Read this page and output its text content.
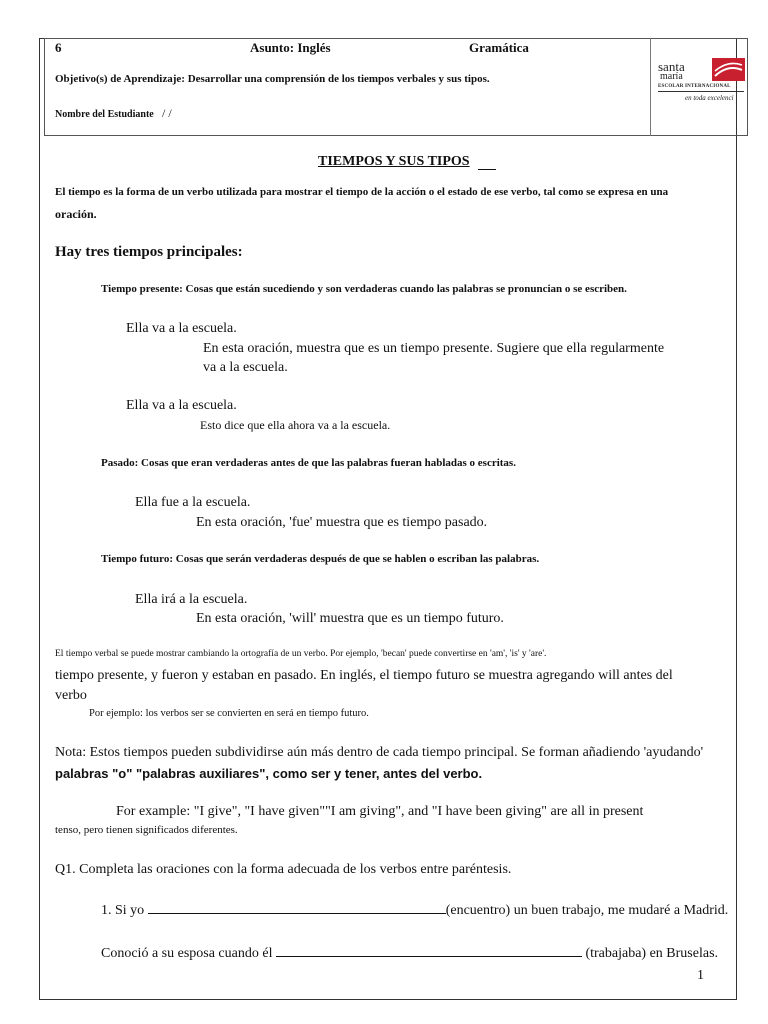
6	Asunto: Inglés	Gramática
Objetivo(s) de Aprendizaje: Desarrollar una comprensión de los tiempos verbales y sus tipos.
Nombre del Estudiante / /
santa
maría
ESCOLAR INTERNACIONAL
en toda excelenci
TIEMPOS Y SUS TIPOS
El tiempo es la forma de un verbo utilizada para mostrar el tiempo de la acción o el estado de ese verbo, tal como se expresa en una
oración.
Hay tres tiempos principales:
Tiempo presente: Cosas que están sucediendo y son verdaderas cuando las palabras se pronuncian o se escriben.
Ella va a la escuela.
En esta oración, muestra que es un tiempo presente. Sugiere que ella regularmente
va a la escuela.
Ella va a la escuela.
Esto dice que ella ahora va a la escuela.
Pasado: Cosas que eran verdaderas antes de que las palabras fueran habladas o escritas.
Ella fue a la escuela.
En esta oración, 'fue' muestra que es tiempo pasado.
Tiempo futuro: Cosas que serán verdaderas después de que se hablen o escriban las palabras.
Ella irá a la escuela.
En esta oración, 'will' muestra que es un tiempo futuro.
El tiempo verbal se puede mostrar cambiando la ortografía de un verbo. Por ejemplo, 'becan' puede convertirse en 'am', 'is' y 'are'.
tiempo presente, y fueron y estaban en pasado. En inglés, el tiempo futuro se muestra agregando will antes del
verbo
Por ejemplo: los verbos ser se convierten en será en tiempo futuro.
Nota: Estos tiempos pueden subdividirse aún más dentro de cada tiempo principal. Se forman añadiendo 'ayudando'
palabras "o" "palabras auxiliares", como ser y tener, antes del verbo.
For example: "I give", "I have given""I am giving", and "I have been giving" are all in present
tenso, pero tienen significados diferentes.
Q1. Completa las oraciones con la forma adecuada de los verbos entre paréntesis.
1. Si yo	(encuentro) un buen trabajo, me mudaré a Madrid.
Conoció a su esposa cuando él	(trabajaba) en Bruselas.
1
